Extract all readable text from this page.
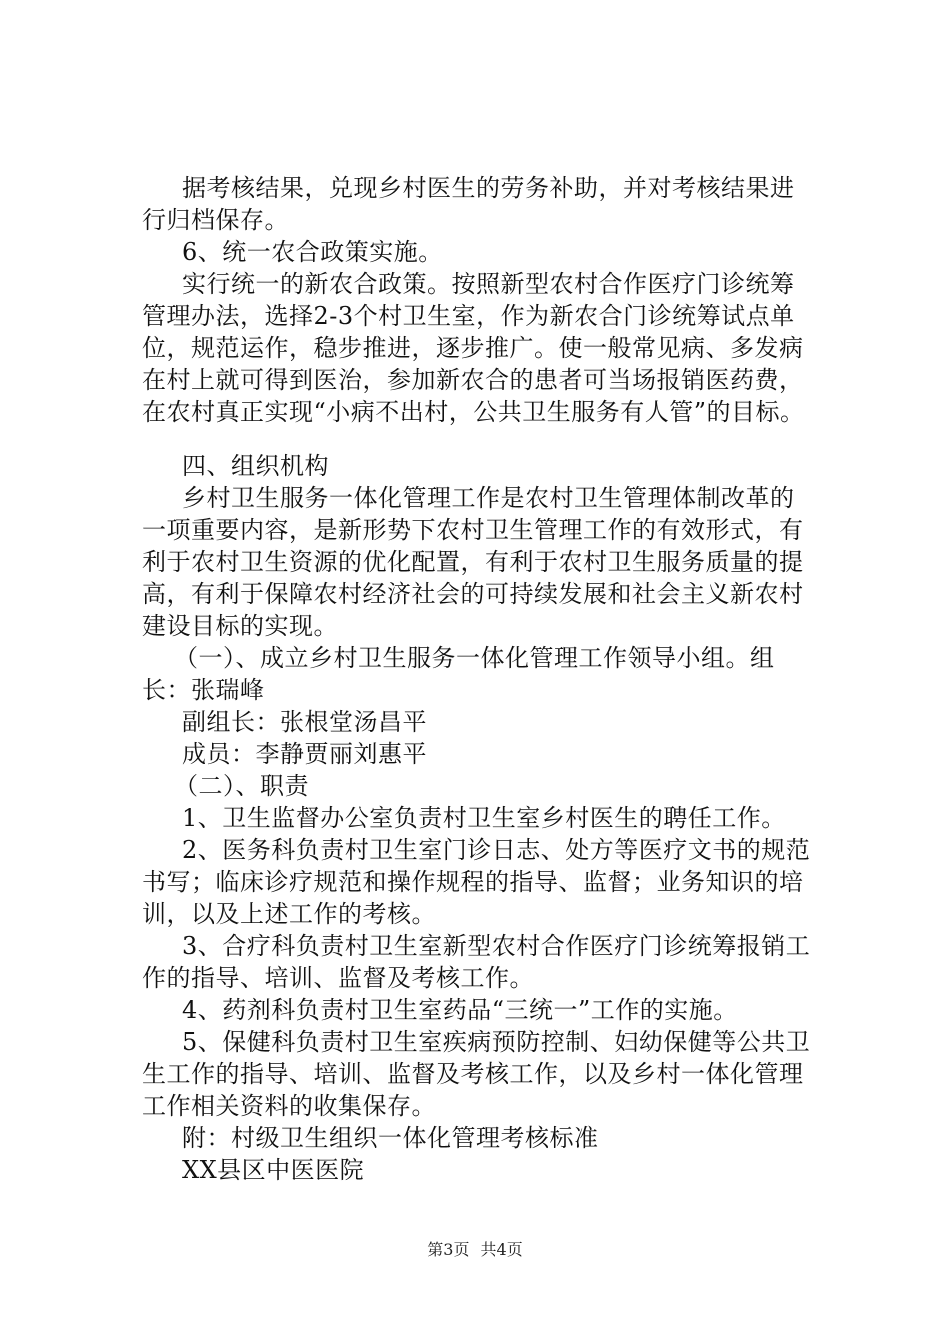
据考核结果，兑现乡村医生的劳务补助，并对考核结果进
行归档保存。
6、统一农合政策实施。
实行统一的新农合政策。按照新型农村合作医疗门诊统筹
管理办法，选择2-3个村卫生室，作为新农合门诊统筹试点单
位，规范运作，稳步推进，逐步推广。使一般常见病、多发病
在村上就可得到医治，参加新农合的患者可当场报销医药费，
在农村真正实现“小病不出村，公共卫生服务有人管”的目标。
四、组织机构
乡村卫生服务一体化管理工作是农村卫生管理体制改革的
一项重要内容，是新形势下农村卫生管理工作的有效形式，有
利于农村卫生资源的优化配置，有利于农村卫生服务质量的提
高，有利于保障农村经济社会的可持续发展和社会主义新农村
建设目标的实现。
（一）、成立乡村卫生服务一体化管理工作领导小组。组
长：张瑞峰
副组长：张根堂汤昌平
成员：李静贾丽刘惠平
（二）、职责
1、卫生监督办公室负责村卫生室乡村医生的聘任工作。
2、医务科负责村卫生室门诊日志、处方等医疗文书的规范
书写；临床诊疗规范和操作规程的指导、监督；业务知识的培
训，以及上述工作的考核。
3、合疗科负责村卫生室新型农村合作医疗门诊统筹报销工
作的指导、培训、监督及考核工作。
4、药剂科负责村卫生室药品“三统一”工作的实施。
5、保健科负责村卫生室疾病预防控制、妇幼保健等公共卫
生工作的指导、培训、监督及考核工作，以及乡村一体化管理
工作相关资料的收集保存。
附：村级卫生组织一体化管理考核标准
XX县区中医医院
第3页 共4页
